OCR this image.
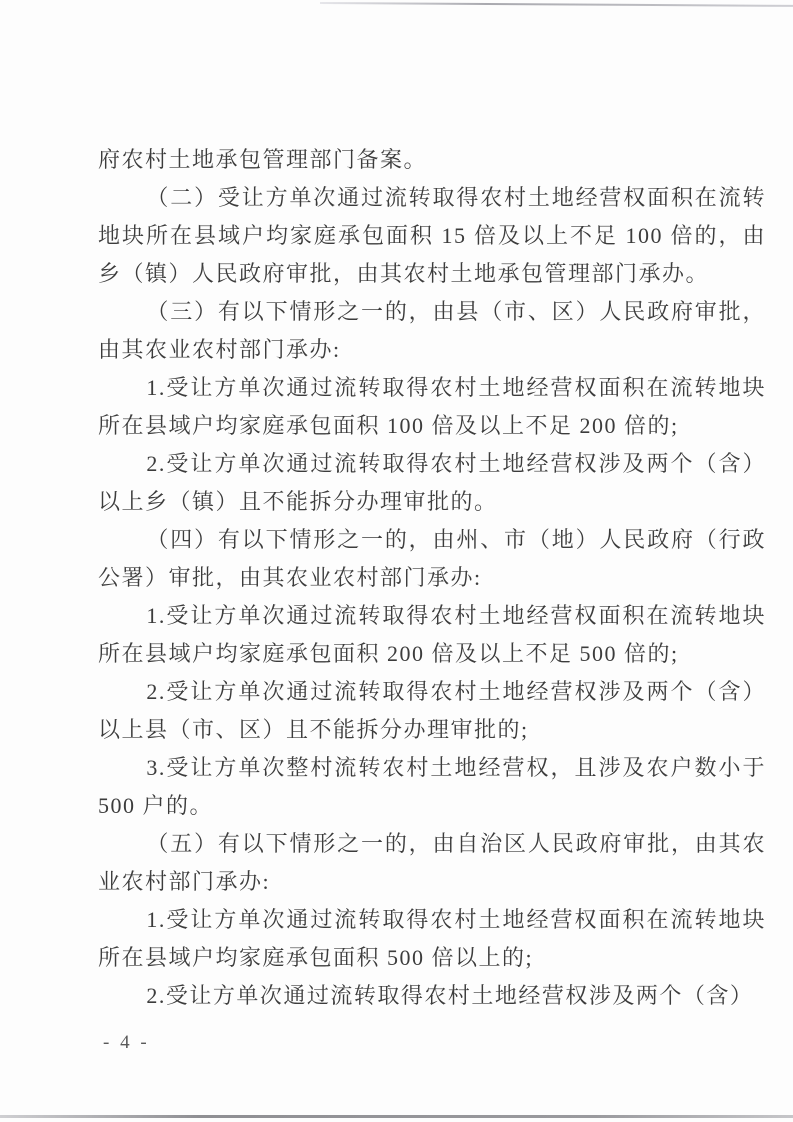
府农村土地承包管理部门备案。

（二）受让方单次通过流转取得农村土地经营权面积在流转地块所在县域户均家庭承包面积 15 倍及以上不足 100 倍的，由乡（镇）人民政府审批，由其农村土地承包管理部门承办。

（三）有以下情形之一的，由县（市、区）人民政府审批，由其农业农村部门承办:

1.受让方单次通过流转取得农村土地经营权面积在流转地块所在县域户均家庭承包面积 100 倍及以上不足 200 倍的;

2.受让方单次通过流转取得农村土地经营权涉及两个（含）以上乡（镇）且不能拆分办理审批的。

（四）有以下情形之一的，由州、市（地）人民政府（行政公署）审批，由其农业农村部门承办:

1.受让方单次通过流转取得农村土地经营权面积在流转地块所在县域户均家庭承包面积 200 倍及以上不足 500 倍的;

2.受让方单次通过流转取得农村土地经营权涉及两个（含）以上县（市、区）且不能拆分办理审批的;

3.受让方单次整村流转农村土地经营权，且涉及农户数小于 500 户的。

（五）有以下情形之一的，由自治区人民政府审批，由其农业农村部门承办:

1.受让方单次通过流转取得农村土地经营权面积在流转地块所在县域户均家庭承包面积 500 倍以上的;

2.受让方单次通过流转取得农村土地经营权涉及两个（含）

- 4 -
